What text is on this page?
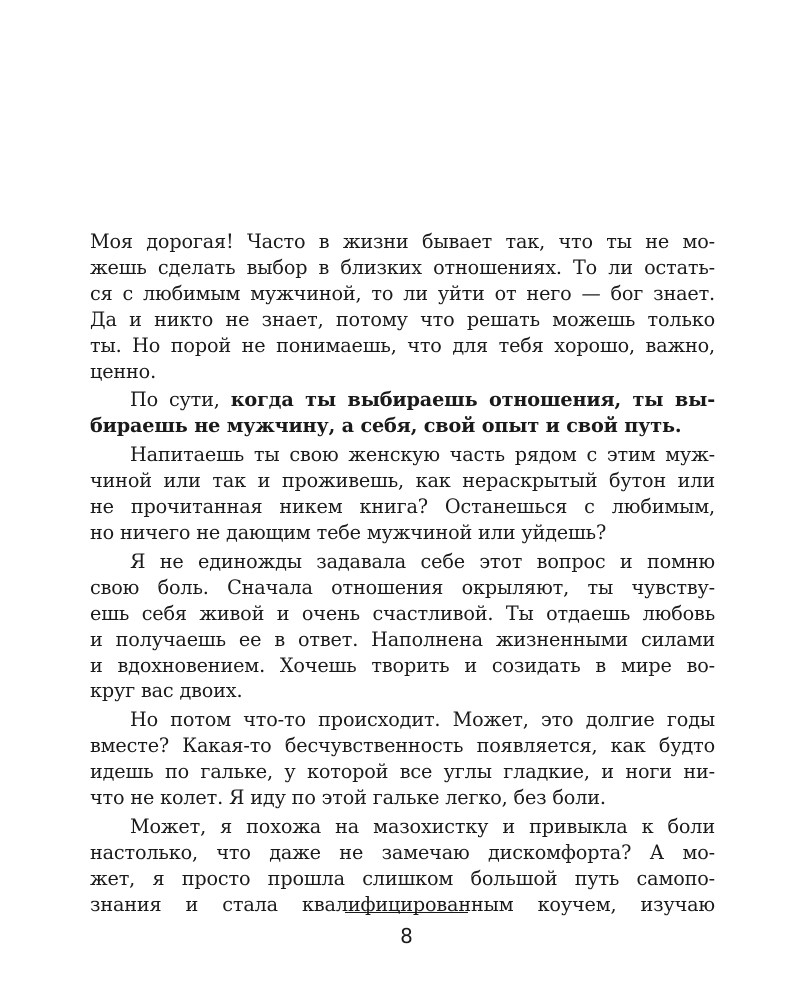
Моя дорогая! Часто в жизни бывает так, что ты не мо-
жешь сделать выбор в близких отношениях. То ли остать-
ся с любимым мужчиной, то ли уйти от него — бог знает.
Да и никто не знает, потому что решать можешь только
ты. Но порой не понимаешь, что для тебя хорошо, важно,
ценно.
По сути, когда ты выбираешь отношения, ты вы-
бираешь не мужчину, а себя, свой опыт и свой путь.
Напитаешь ты свою женскую часть рядом с этим муж-
чиной или так и проживешь, как нераскрытый бутон или
не прочитанная никем книга? Останешься с любимым,
но ничего не дающим тебе мужчиной или уйдешь?
Я не единожды задавала себе этот вопрос и помню
свою боль. Сначала отношения окрыляют, ты чувству-
ешь себя живой и очень счастливой. Ты отдаешь любовь
и получаешь ее в ответ. Наполнена жизненными силами
и вдохновением. Хочешь творить и созидать в мире во-
круг вас двоих.
Но потом что-то происходит. Может, это долгие годы
вместе? Какая-то бесчувственность появляется, как будто
идешь по гальке, у которой все углы гладкие, и ноги ни-
что не колет. Я иду по этой гальке легко, без боли.
Может, я похожа на мазохистку и привыкла к боли
настолько, что даже не замечаю дискомфорта? А мо-
жет, я просто прошла слишком большой путь самопо-
знания и стала квалифицированным коучем, изучаю
8
